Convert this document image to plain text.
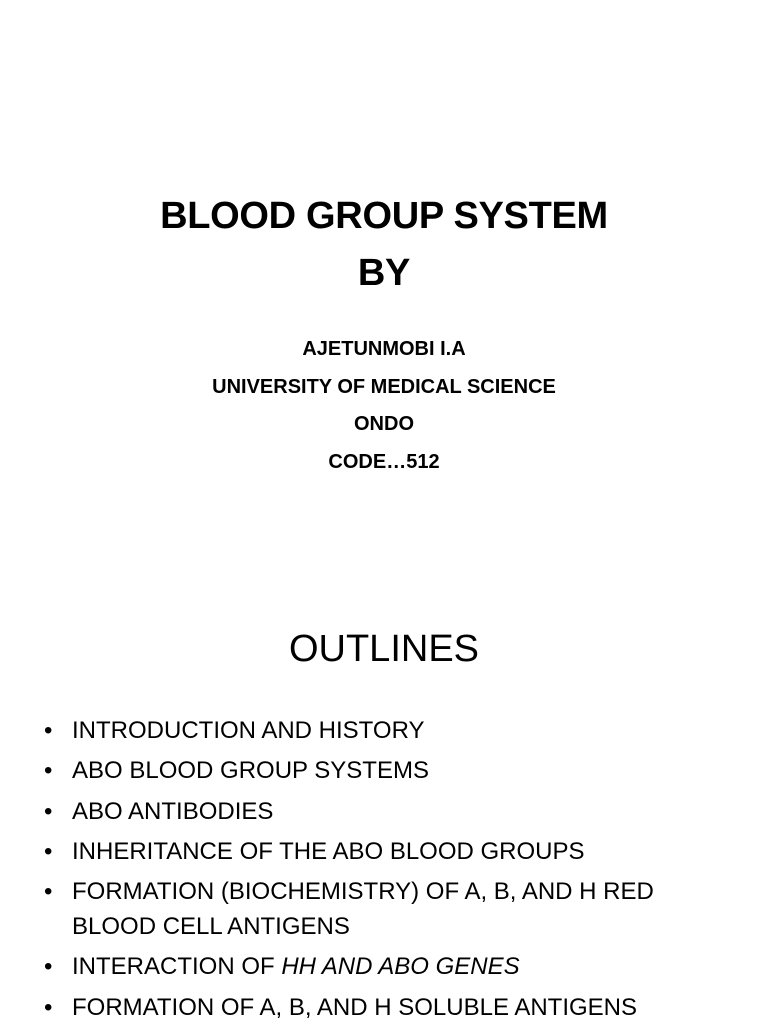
BLOOD GROUP SYSTEM
BY
AJETUNMOBI I.A
UNIVERSITY OF MEDICAL SCIENCE
ONDO
CODE…512
OUTLINES
• INTRODUCTION AND HISTORY
• ABO BLOOD GROUP SYSTEMS
• ABO ANTIBODIES
• INHERITANCE OF THE ABO BLOOD GROUPS
• FORMATION (BIOCHEMISTRY) OF A, B, AND H RED BLOOD CELL ANTIGENS
• INTERACTION OF HH AND ABO GENES
• FORMATION OF A, B, AND H SOLUBLE ANTIGENS
